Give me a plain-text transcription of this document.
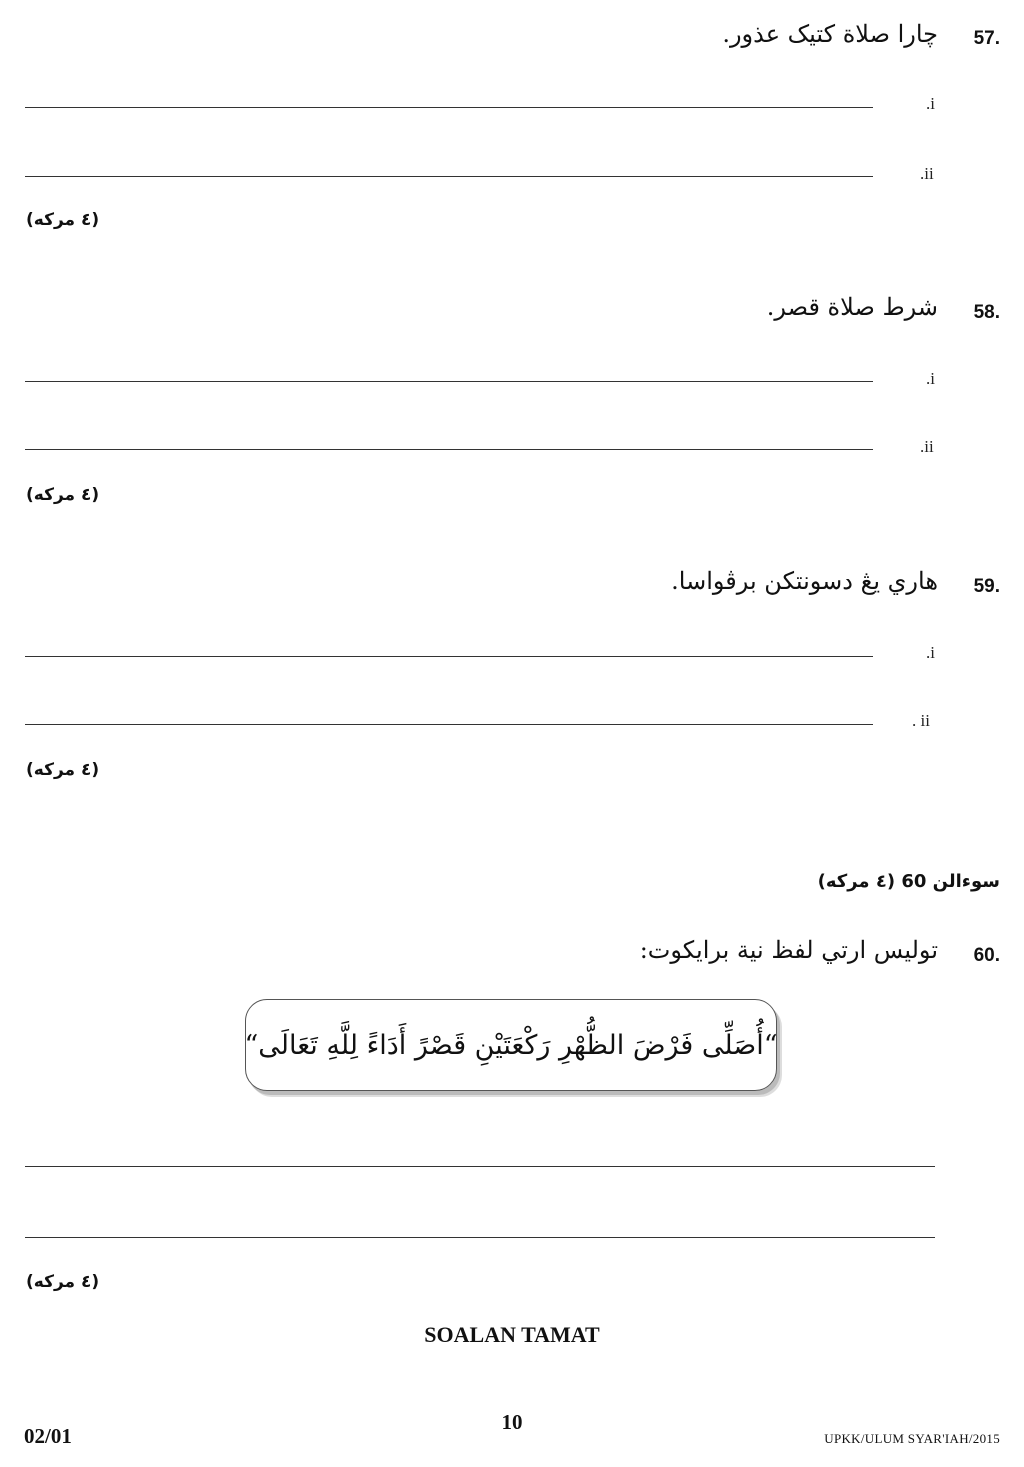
57.
چارا صلاة كتيک عذور.
.i
.ii
(٤ مركه)
58.
شرط صلاة قصر.
.i
.ii
(٤ مركه)
59.
هاري يڠ دسونتكن برڤواسا.
.i
. ii
(٤ مركه)
سوءالن 60 (٤ مركه)
60.
توليس ارتي لفظ نية برايكوت:
“أُصَلِّى فَرْضَ الظُّهْرِ رَكْعَتَيْنِ قَصْرً أَدَاءً لِلَّهِ تَعَالَى“
(٤ مركه)
SOALAN TAMAT
02/01
10
UPKK/ULUM SYAR'IAH/2015
